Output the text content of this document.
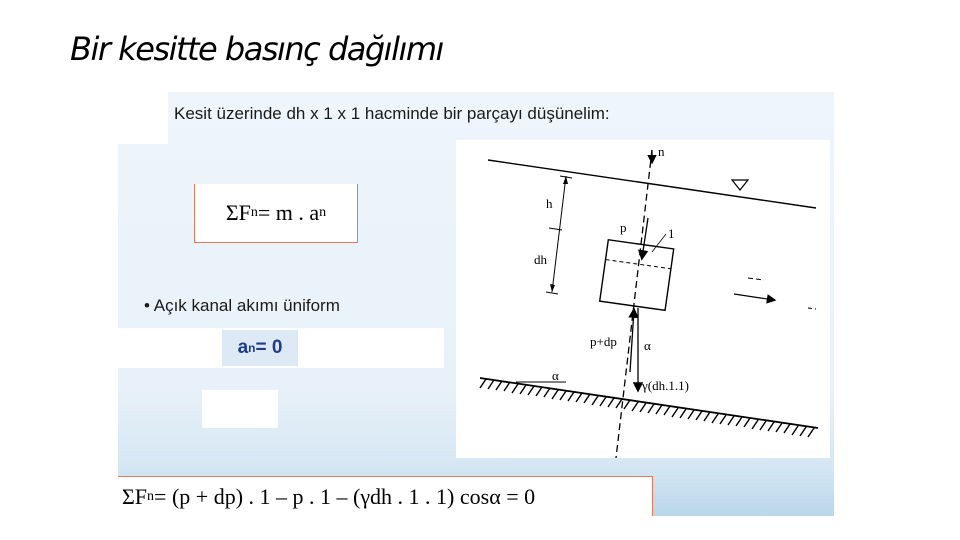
Bir kesitte basınç dağılımı
Kesit üzerinde dh x 1 x 1 hacminde bir parçayı düşünelim:
ΣF n = m . a n
• Açık kanal akımı üniform
a n = 0
h
dh
n
p	1
p+dp
γ(dh.1.1)
α
α
ΣF n = (p + dp) . 1 – p . 1 – (γdh . 1 . 1) cosα = 0
